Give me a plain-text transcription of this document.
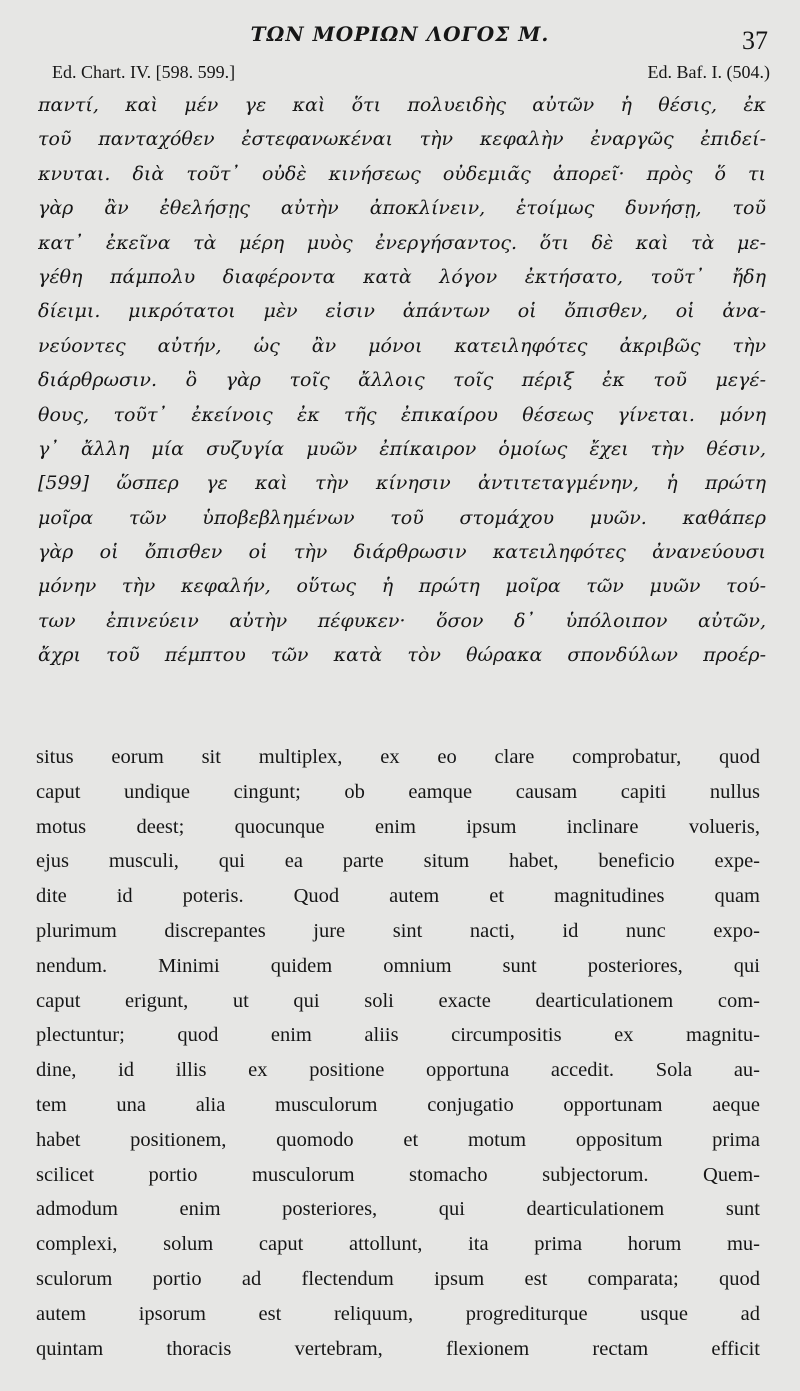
ΤΩΝ ΜΟΡΙΩΝ ΛΟΓΟΣ Μ.	37
Ed. Chart. IV. [598. 599.]	Ed. Baf. I. (504.)
παντί, καὶ μέν γε καὶ ὅτι πολυειδὴς αὐτῶν ἡ θέσις, ἐκ
τοῦ πανταχόθεν ἐστεφανωκέναι τὴν κεφαλὴν ἐναργῶς ἐπιδεί-
κνυται. διὰ τοῦτ᾽ οὐδὲ κινήσεως οὐδεμιᾶς ἀπορεῖ· πρὸς ὅ τι
γὰρ ἂν ἐθελήσῃς αὐτὴν ἀποκλίνειν, ἑτοίμως δυνήσῃ, τοῦ
κατ᾽ ἐκεῖνα τὰ μέρη μυὸς ἐνεργήσαντος. ὅτι δὲ καὶ τὰ με-
γέθη πάμπολυ διαφέροντα κατὰ λόγον ἐκτήσατο, τοῦτ᾽ ἤδη
δίειμι. μικρότατοι μὲν εἰσιν ἁπάντων οἱ ὄπισθεν, οἱ ἀνα-
νεύοντες αὐτήν, ὡς ἂν μόνοι κατειληφότες ἀκριβῶς τὴν
διάρθρωσιν. ὃ γὰρ τοῖς ἄλλοις τοῖς πέριξ ἐκ τοῦ μεγέ-
θους, τοῦτ᾽ ἐκείνοις ἐκ τῆς ἐπικαίρου θέσεως γίνεται. μόνη
γ᾽ ἄλλη μία συζυγία μυῶν ἐπίκαιρον ὁμοίως ἔχει τὴν θέσιν,
[599] ὥσπερ γε καὶ τὴν κίνησιν ἀντιτεταγμένην, ἡ πρώτη
μοῖρα τῶν ὑποβεβλημένων τοῦ στομάχου μυῶν. καθάπερ
γὰρ οἱ ὄπισθεν οἱ τὴν διάρθρωσιν κατειληφότες ἀνανεύουσι
μόνην τὴν κεφαλήν, οὕτως ἡ πρώτη μοῖρα τῶν μυῶν τού-
των ἐπινεύειν αὐτὴν πέφυκεν· ὅσον δ᾽ ὑπόλοιπον αὐτῶν,
ἄχρι τοῦ πέμπτου τῶν κατὰ τὸν θώρακα σπονδύλων προέρ-
situs eorum sit multiplex, ex eo clare comprobatur, quod
caput undique cingunt; ob eamque causam capiti nullus
motus deest; quocunque enim ipsum inclinare volueris,
ejus musculi, qui ea parte situm habet, beneficio expe-
dite id poteris. Quod autem et magnitudines quam
plurimum discrepantes jure sint nacti, id nunc expo-
nendum. Minimi quidem omnium sunt posteriores, qui
caput erigunt, ut qui soli exacte dearticulationem com-
plectuntur; quod enim aliis circumpositis ex magnitu-
dine, id illis ex positione opportuna accedit. Sola au-
tem una alia musculorum conjugatio opportunam aeque
habet positionem, quomodo et motum oppositum prima
scilicet portio musculorum stomacho subjectorum. Quem-
admodum enim posteriores, qui dearticulationem sunt
complexi, solum caput attollunt, ita prima horum mu-
sculorum portio ad flectendum ipsum est comparata; quod
autem ipsorum est reliquum, progrediturque usque ad
quintam thoracis vertebram, flexionem rectam efficit
